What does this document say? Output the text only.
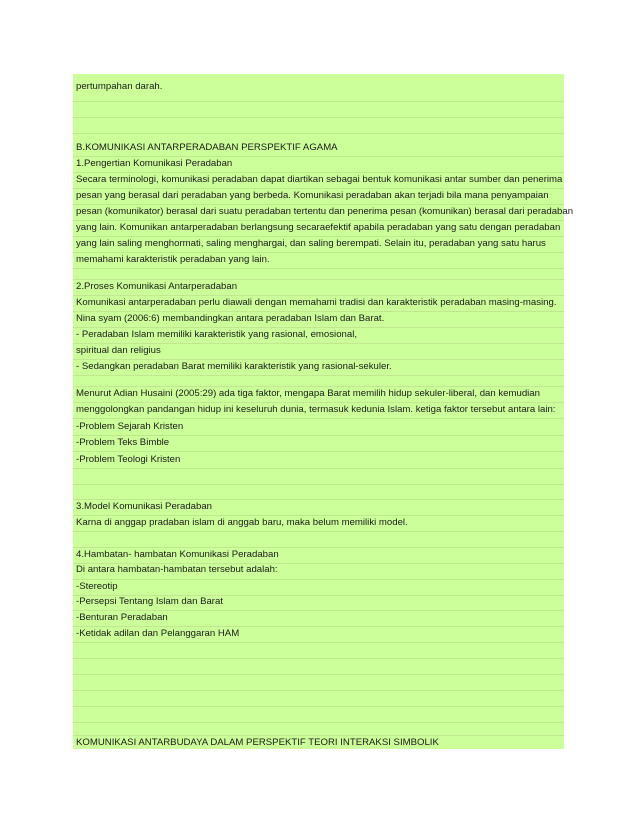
pertumpahan darah.
B.KOMUNIKASI ANTARPERADABAN PERSPEKTIF AGAMA
1.Pengertian Komunikasi Peradaban
Secara terminologi, komunikasi peradaban dapat diartikan sebagai bentuk komunikasi antar sumber dan penerima
pesan yang berasal dari peradaban yang berbeda. Komunikasi peradaban akan terjadi bila mana penyampaian
pesan (komunikator) berasal dari suatu peradaban tertentu dan penerima pesan (komunikan) berasal dari peradaban
yang lain. Komunikan antarperadaban berlangsung secaraefektif apabila peradaban yang satu dengan peradaban
yang lain saling menghormati, saling menghargai, dan saling berempati. Selain itu, peradaban yang satu harus
memahami karakteristik peradaban yang lain.
2.Proses Komunikasi Antarperadaban
Komunikasi antarperadaban perlu diawali dengan memahami tradisi dan karakteristik peradaban masing-masing.
Nina syam (2006:6) membandingkan antara peradaban Islam dan Barat.
- Peradaban Islam memiliki karakteristik yang rasional, emosional,
spiritual dan religius
- Sedangkan peradaban Barat memiliki karakteristik yang rasional-sekuler.
Menurut Adian Husaini (2005:29) ada tiga faktor, mengapa Barat memilih hidup sekuler-liberal, dan kemudian
menggolongkan pandangan hidup ini keseluruh dunia, termasuk kedunia Islam. ketiga faktor tersebut antara lain:
-Problem Sejarah Kristen
-Problem Teks Bimble
-Problem Teologi Kristen
3.Model Komunikasi Peradaban
Karna di anggap pradaban islam di anggab baru, maka belum memiliki model.
4.Hambatan- hambatan Komunikasi Peradaban
Di antara hambatan-hambatan tersebut adalah:
-Stereotip
-Persepsi Tentang Islam dan Barat
-Benturan Peradaban
-Ketidak adilan dan Pelanggaran HAM
KOMUNIKASI ANTARBUDAYA DALAM PERSPEKTIF TEORI INTERAKSI SIMBOLIK
